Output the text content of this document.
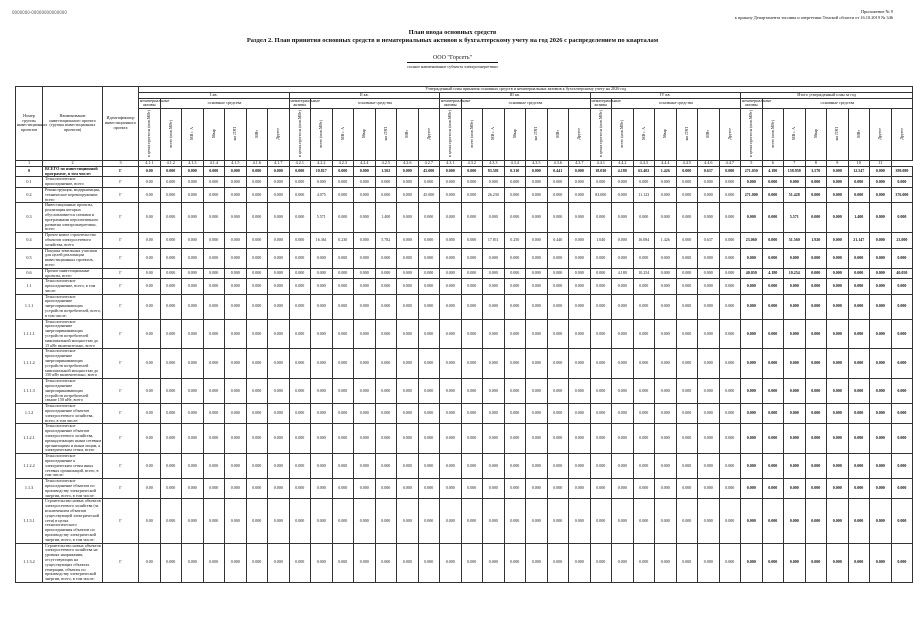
0000000-00000000000000	Приложение № 9
к приказу Департамента топлива и энергетики Томской области от 16.10.2019 № 346
План ввода основных средств
Раздел 2. План принятия основных средств и нематериальных активов к бухгалтерскому учету на год 2026 с распределением по кварталам
ООО "Горсеть"
полное наименование субъекта электроэнергетики
Номер группы инвестиционных проектов	Наименование инвестиционного проекта (группы инвестиционных проектов)	Идентификатор инвестиционного проекта	Утвержденный план принятия основных средств и нематериальных активов к бухгалтерскому учету на 2026 год																																			
			I кв.							II кв.							III кв.							IV кв.							Итого утвержденный план за год							
			нематериальные активы	основные средства						нематериальные активы	основные средства						нематериальные активы	основные средства						нематериальные активы	основные средства						нематериальные активы	основные средства						
			в ценах прогноза (млн.МВт)	всего (млн.МВт)	МВ×А	Мвар	км ЛЭП	МВт	Другое	в ценах прогноза (млн.МВт)	всего (млн.МВт)	МВ×А	Мвар	км ЛЭП	МВт	Другое	в ценах прогноза (млн.МВт)	всего (млн.МВт)	МВ×А	Мвар	км ЛЭП	МВт	Другое	в ценах прогноза (млн.МВт)	всего (млн.МВт)	МВ×А	Мвар	км ЛЭП	МВт	Другое	в ценах прогноза (млн.МВт)	всего (млн.МВт)	МВ×А	Мвар	км ЛЭП	МВт	Другое	Другое
1	2	3	4.1.1	4.1.2	4.1.3	4.1.4	4.1.5	4.1.6	4.1.7	4.2.1	4.2.2	4.2.3	4.2.4	4.2.5	4.2.6	4.2.7	4.3.1	4.3.2	4.3.3	4.3.4	4.3.5	4.3.6	4.3.7	4.4.1	4.4.2	4.4.3	4.4.4	4.4.5	4.4.6	4.4.7	5	6	7	8	9	10	11	
0	ВСЕГО по инвестиционной программе, в том числе:	Г	0.00	0.000	0.000	0.000	0.000	0.000	0.000	0.000	10.817	0.000	0.000	1.502	0.000	45.000	0.000	0.000	83.501	0.310	0.000	0.441	0.000	18.030	4.180	65.402	1.426	0.000	0.637	0.000	271.050	4.180	158.958	3.570	0.000	12.547	0.000	399.080
0.1	Технологическое присоединение, всего	Г	0.00	0.000	0.000	0.000	0.000	0.000	0.000	0.000	0.000	0.000	0.000	0.000	0.000	0.000	0.000	0.000	0.000	0.000	0.000	0.000	0.000	0.000	0.000	0.000	0.000	0.000	0.000	0.000	0.000	0.000	0.000	0.000	0.000	0.000	0.000	0.000
0.2	Реконструкция, модернизация, техническое перевооружение, всего	Г	0.00	0.000	0.000	0.000	0.000	0.000	0.000	0.000	4.075	0.000	0.000	0.000	0.000	45.000	0.000	0.000	26.230	0.000	0.000	0.000	0.000	83.000	0.000	11.123	0.000	0.000	0.000	0.000	271.000	0.000	51.428	0.000	0.000	0.000	0.000	376.000
0.3	Инвестиционные проекты, реализация которых обусловливается схемами и программами перспективного развития электроэнергетики, всего	Г	0.00	0.000	0.000	0.000	0.000	0.000	0.000	0.000	5.571	0.000	0.000	1.400	0.000	0.000	0.000	0.000	0.000	0.000	0.000	0.000	0.000	0.000	0.000	0.000	0.000	0.000	0.000	0.000	0.000	0.000	5.571	0.000	0.000	1.400	0.000	0.000
0.4	Прочее новое строительство объектов электросетевого хозяйства, всего	Г	0.00	0.000	0.000	0.000	0.000	0.000	0.000	0.000	16.361	0.230	0.000	5.782	0.000	0.000	0.000	0.000	17.811	0.250	0.000	0.440	0.000	1.040	0.000	16.084	1.426	0.000	0.637	0.000	23.060	0.000	51.560	1.920	0.000	21.147	0.000	23.000
0.5	Покупка земельных участков для целей реализации инвестиционных проектов, всего	Г	0.00	0.000	0.000	0.000	0.000	0.000	0.000	0.000	0.000	0.000	0.000	0.000	0.000	0.000	0.000	0.000	0.000	0.000	0.000	0.000	0.000	0.000	0.000	0.000	0.000	0.000	0.000	0.000	0.000	0.000	0.000	0.000	0.000	0.000	0.000	0.000
0.6	Прочие инвестиционные проекты, всего	Г	0.00	0.000	0.000	0.000	0.000	0.000	0.000	0.000	0.000	0.000	0.000	0.000	0.000	0.000	0.000	0.000	0.000	0.000	0.000	0.000	0.000	0.000	4.180	10.254	0.000	0.000	0.000	0.000	40.050	4.180	10.254	0.000	0.000	0.000	0.000	40.050
1.1	Технологическое присоединение, всего, в том числе:	Г	0.00	0.000	0.000	0.000	0.000	0.000	0.000	0.000	0.000	0.000	0.000	0.000	0.000	0.000	0.000	0.000	0.000	0.000	0.000	0.000	0.000	0.000	0.000	0.000	0.000	0.000	0.000	0.000	0.000	0.000	0.000	0.000	0.000	0.000	0.000	0.000
1.1.1	Технологическое присоединение энергопринимающих устройств потребителей, всего, в том числе:	Г	0.00	0.000	0.000	0.000	0.000	0.000	0.000	0.000	0.000	0.000	0.000	0.000	0.000	0.000	0.000	0.000	0.000	0.000	0.000	0.000	0.000	0.000	0.000	0.000	0.000	0.000	0.000	0.000	0.000	0.000	0.000	0.000	0.000	0.000	0.000	0.000
1.1.1.1	Технологическое присоединение энергопринимающих устройств потребителей максимальной мощностью до 15 кВт включительно, всего	Г	0.00	0.000	0.000	0.000	0.000	0.000	0.000	0.000	0.000	0.000	0.000	0.000	0.000	0.000	0.000	0.000	0.000	0.000	0.000	0.000	0.000	0.000	0.000	0.000	0.000	0.000	0.000	0.000	0.000	0.000	0.000	0.000	0.000	0.000	0.000	0.000
1.1.1.2	Технологическое присоединение энергопринимающих устройств потребителей максимальной мощностью до 150 кВт включительно, всего	Г	0.00	0.000	0.000	0.000	0.000	0.000	0.000	0.000	0.000	0.000	0.000	0.000	0.000	0.000	0.000	0.000	0.000	0.000	0.000	0.000	0.000	0.000	0.000	0.000	0.000	0.000	0.000	0.000	0.000	0.000	0.000	0.000	0.000	0.000	0.000	0.000
1.1.1.3	Технологическое присоединение энергопринимающих устройств потребителей свыше 150 кВт, всего	Г	0.00	0.000	0.000	0.000	0.000	0.000	0.000	0.000	0.000	0.000	0.000	0.000	0.000	0.000	0.000	0.000	0.000	0.000	0.000	0.000	0.000	0.000	0.000	0.000	0.000	0.000	0.000	0.000	0.000	0.000	0.000	0.000	0.000	0.000	0.000	0.000
1.1.2	Технологическое присоединение объектов электросетевого хозяйства, всего, в том числе:	Г	0.00	0.000	0.000	0.000	0.000	0.000	0.000	0.000	0.000	0.000	0.000	0.000	0.000	0.000	0.000	0.000	0.000	0.000	0.000	0.000	0.000	0.000	0.000	0.000	0.000	0.000	0.000	0.000	0.000	0.000	0.000	0.000	0.000	0.000	0.000	0.000
1.1.2.1	Технологическое присоединение объектов электросетевого хозяйства, принадлежащих иным сетевым организациям и иным лицам, к электрическим сетям, всего	Г	0.00	0.000	0.000	0.000	0.000	0.000	0.000	0.000	0.000	0.000	0.000	0.000	0.000	0.000	0.000	0.000	0.000	0.000	0.000	0.000	0.000	0.000	0.000	0.000	0.000	0.000	0.000	0.000	0.000	0.000	0.000	0.000	0.000	0.000	0.000	0.000
1.1.2.2	Технологическое присоединение к электрическим сетям иных сетевых организаций, всего, в том числе:	Г	0.00	0.000	0.000	0.000	0.000	0.000	0.000	0.000	0.000	0.000	0.000	0.000	0.000	0.000	0.000	0.000	0.000	0.000	0.000	0.000	0.000	0.000	0.000	0.000	0.000	0.000	0.000	0.000	0.000	0.000	0.000	0.000	0.000	0.000	0.000	0.000
1.1.3	Технологическое присоединение объектов по производству электрической энергии, всего, в том числе:	Г	0.00	0.000	0.000	0.000	0.000	0.000	0.000	0.000	0.000	0.000	0.000	0.000	0.000	0.000	0.000	0.000	0.000	0.000	0.000	0.000	0.000	0.000	0.000	0.000	0.000	0.000	0.000	0.000	0.000	0.000	0.000	0.000	0.000	0.000	0.000	0.000
1.1.3.1	Строительство новых объектов электросетевого хозяйства (за исключением объектов существующей электрической сети) в целях технологического присоединения объектов по производству электрической энергии, всего, в том числе:	Г	0.00	0.000	0.000	0.000	0.000	0.000	0.000	0.000	0.000	0.000	0.000	0.000	0.000	0.000	0.000	0.000	0.000	0.000	0.000	0.000	0.000	0.000	0.000	0.000	0.000	0.000	0.000	0.000	0.000	0.000	0.000	0.000	0.000	0.000	0.000	0.000
1.1.3.2	Строительство новых объектов электросетевого хозяйства на уровнях напряжения, отсутствующих на существующих объектах генерации, объекты по производству электрической энергии, всего, в том числе:	Г	0.00	0.000	0.000	0.000	0.000	0.000	0.000	0.000	0.000	0.000	0.000	0.000	0.000	0.000	0.000	0.000	0.000	0.000	0.000	0.000	0.000	0.000	0.000	0.000	0.000	0.000	0.000	0.000	0.000	0.000	0.000	0.000	0.000	0.000	0.000	0.000
